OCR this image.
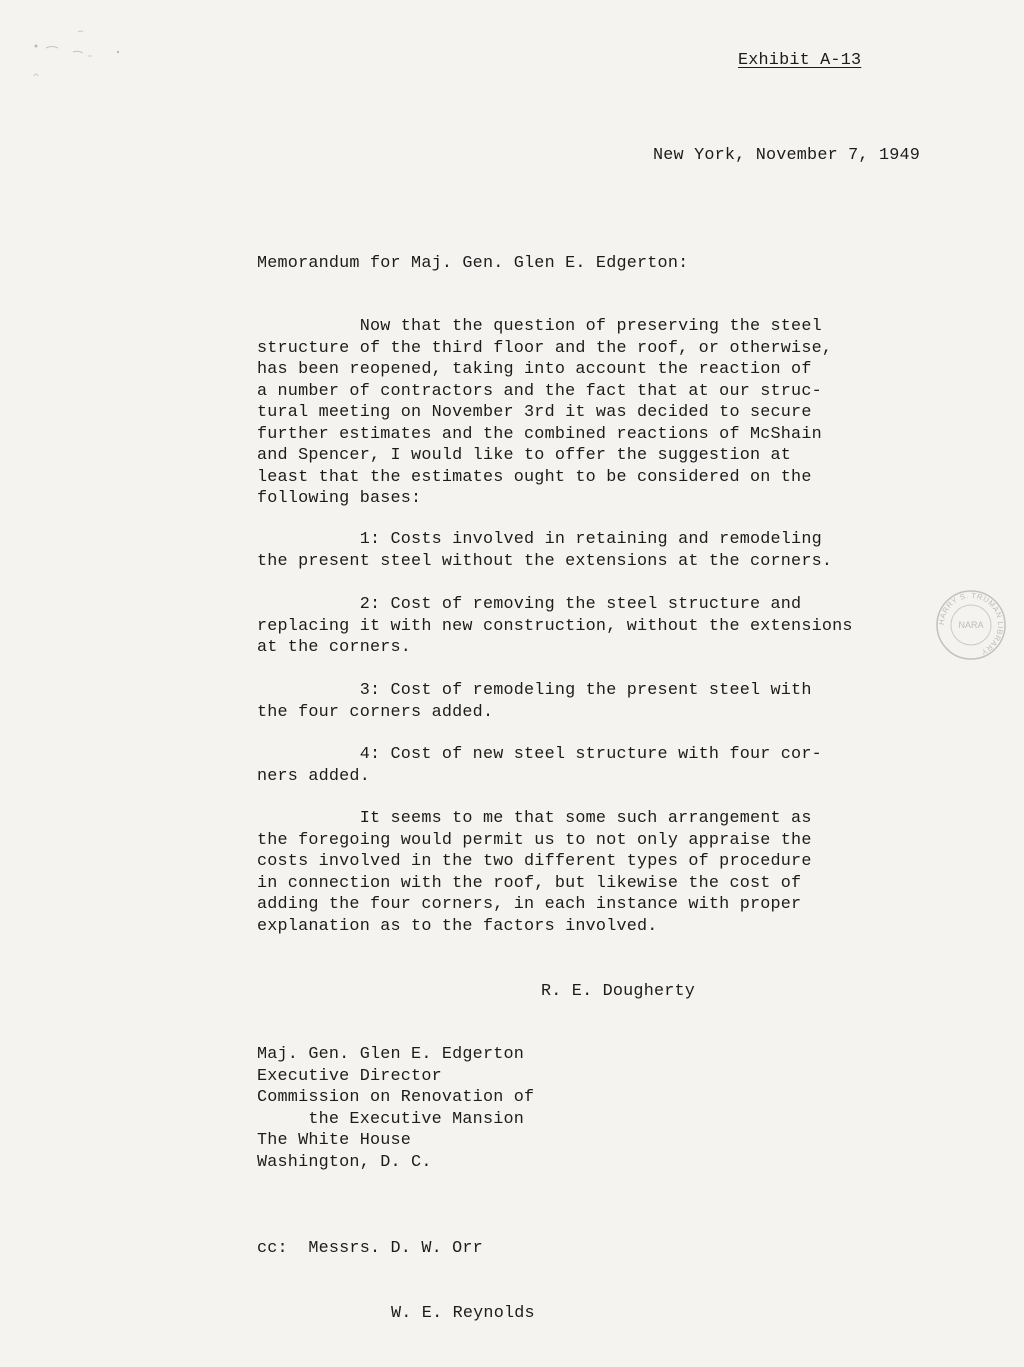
Exhibit A-13
New York, November 7, 1949
Memorandum for Maj. Gen. Glen E. Edgerton:

Now that the question of preserving the steel
structure of the third floor and the roof, or otherwise,
has been reopened, taking into account the reaction of
a number of contractors and the fact that at our struc-
tural meeting on November 3rd it was decided to secure
further estimates and the combined reactions of McShain
and Spencer, I would like to offer the suggestion at
least that the estimates ought to be considered on the
following bases:

1: Costs involved in retaining and remodeling
the present steel without the extensions at the corners.

2: Cost of removing the steel structure and
replacing it with new construction, without the extensions
at the corners.

3: Cost of remodeling the present steel with
the four corners added.

4: Cost of new steel structure with four cor-
ners added.

It seems to me that some such arrangement as
the foregoing would permit us to not only appraise the
costs involved in the two different types of procedure
in connection with the roof, but likewise the cost of
adding the four corners, in each instance with proper
explanation as to the factors involved.

R. E. Dougherty
Maj. Gen. Glen E. Edgerton
Executive Director
Commission on Renovation of
the Executive Mansion
The White House
Washington, D. C.

cc:  Messrs. D. W. Orr

W. E. Reynolds

HARRY S. TRUMAN LIBRARY
NARA
